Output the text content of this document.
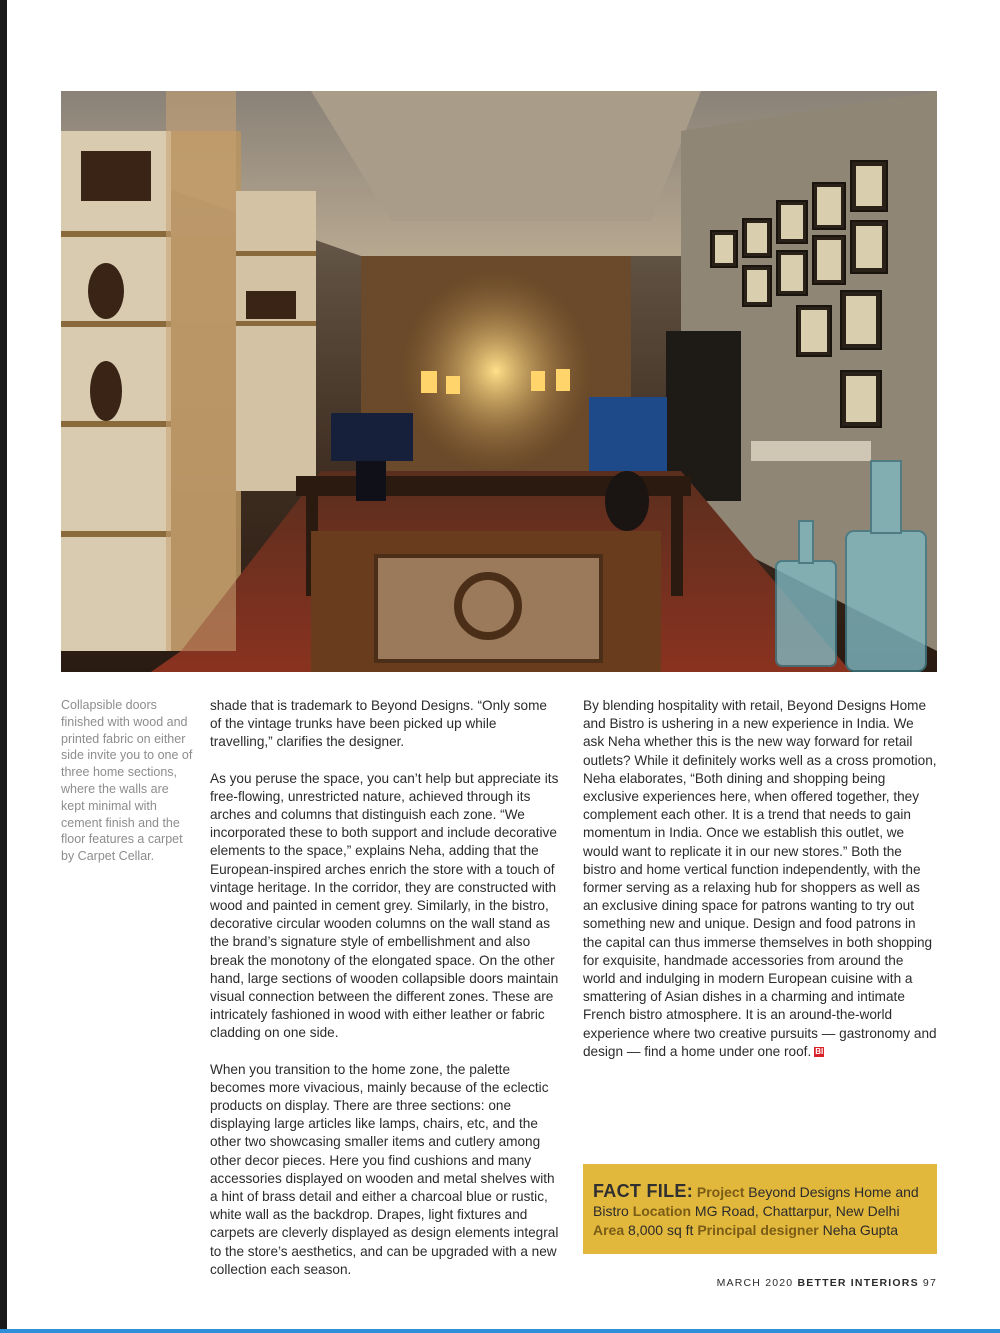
Collapsible doors finished with wood and printed fabric on either side invite you to one of three home sections, where the walls are kept minimal with cement finish and the floor features a carpet by Carpet Cellar.

shade that is trademark to Beyond Designs. “Only some of the vintage trunks have been picked up while travelling,” clarifies the designer.

As you peruse the space, you can’t help but appreciate its free-flowing, unrestricted nature, achieved through its arches and columns that distinguish each zone. “We incorporated these to both support and include decorative elements to the space,” explains Neha, adding that the European-inspired arches enrich the store with a touch of vintage heritage. In the corridor, they are constructed with wood and painted in cement grey. Similarly, in the bistro, decorative circular wooden columns on the wall stand as the brand’s signature style of embellishment and also break the monotony of the elongated space. On the other hand, large sections of wooden collapsible doors maintain visual connection between the different zones. These are intricately fashioned in wood with either leather or fabric cladding on one side.

When you transition to the home zone, the palette becomes more vivacious, mainly because of the eclectic products on display. There are three sections: one displaying large articles like lamps, chairs, etc, and the other two showcasing smaller items and cutlery among other decor pieces. Here you find cushions and many accessories displayed on wooden and metal shelves with a hint of brass detail and either a charcoal blue or rustic, white wall as the backdrop. Drapes, light fixtures and carpets are cleverly displayed as design elements integral to the store’s aesthetics, and can be upgraded with a new collection each season.

By blending hospitality with retail, Beyond Designs Home and Bistro is ushering in a new experience in India. We ask Neha whether this is the new way forward for retail outlets? While it definitely works well as a cross promotion, Neha elaborates, “Both dining and shopping being exclusive experiences here, when offered together, they complement each other. It is a trend that needs to gain momentum in India. Once we establish this outlet, we would want to replicate it in our new stores.” Both the bistro and home vertical function independently, with the former serving as a relaxing hub for shoppers as well as an exclusive dining space for patrons wanting to try out something new and unique. Design and food patrons in the capital can thus immerse themselves in both shopping for exquisite, handmade accessories from around the world and indulging in modern European cuisine with a smattering of Asian dishes in a charming and intimate French bistro atmosphere. It is an around-the-world experience where two creative pursuits — gastronomy and design — find a home under one roof. BI

FACT FILE: Project Beyond Designs Home and Bistro Location MG Road, Chattarpur, New Delhi Area 8,000 sq ft Principal designer Neha Gupta
MARCH 2020 BETTER INTERIORS 97
